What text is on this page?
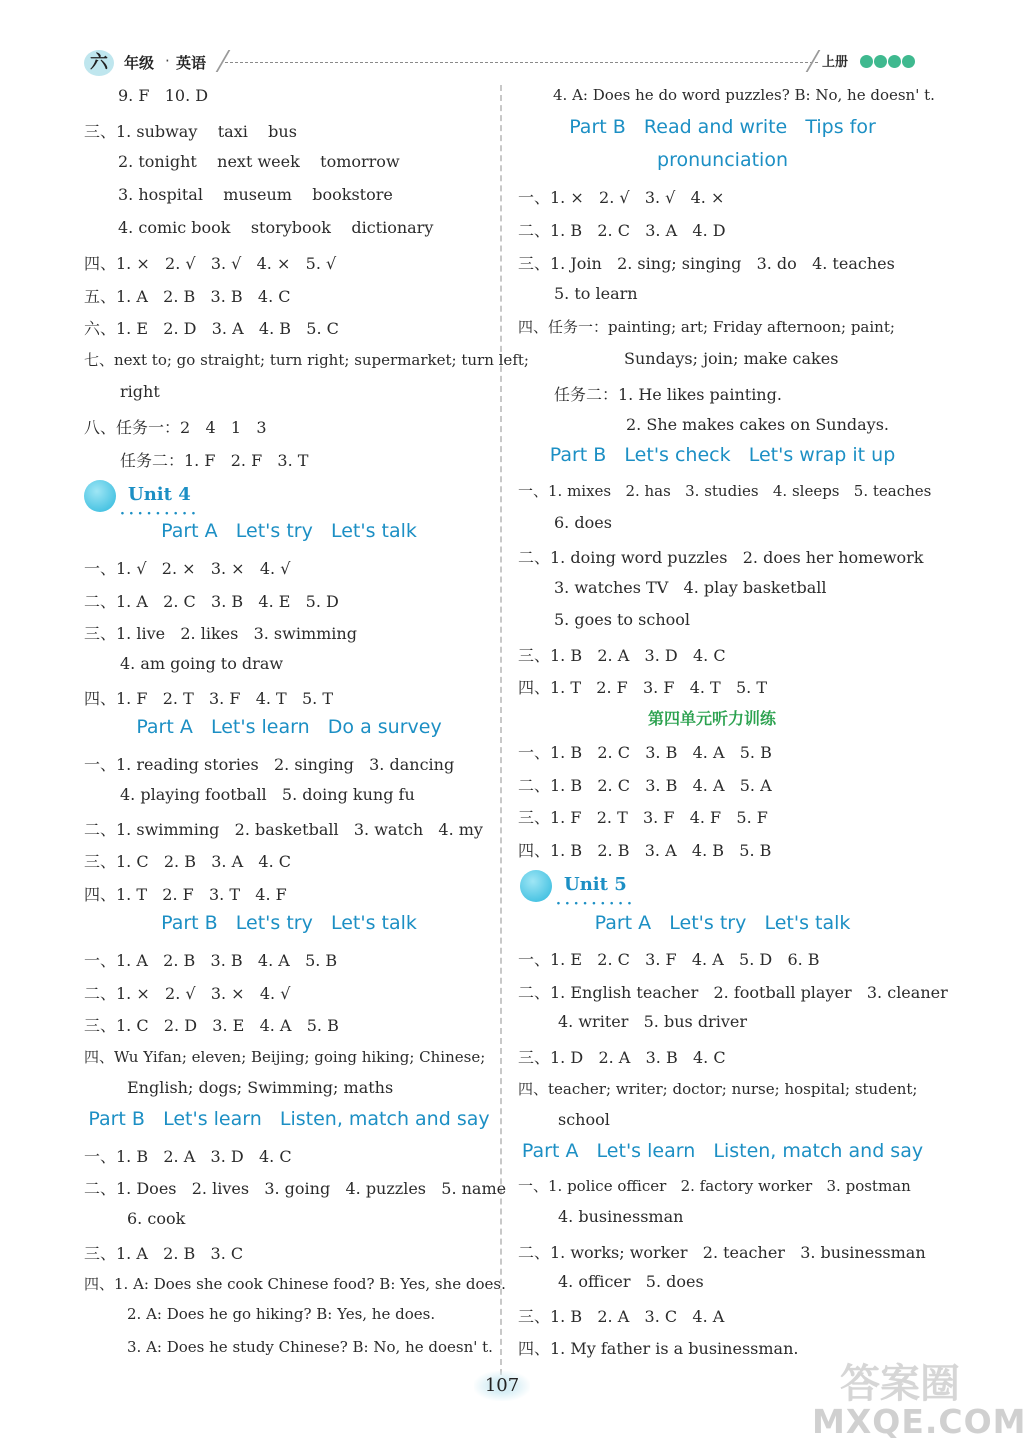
六	年级 · 英语	上册
9. F   10. D
三、1. subway    taxi    bus
2. tonight    next week    tomorrow
3. hospital    museum    bookstore
4. comic book    storybook    dictionary
四、1. ×   2. √   3. √   4. ×   5. √
五、1. A   2. B   3. B   4. C
六、1. E   2. D   3. A   4. B   5. C
七、next to; go straight; turn right; supermarket; turn left;
right
八、任务一：2   4   1   3
任务二：1. F   2. F   3. T
Unit 4
·········
Part A   Let's try   Let's talk
一、1. √   2. ×   3. ×   4. √
二、1. A   2. C   3. B   4. E   5. D
三、1. live   2. likes   3. swimming
4. am going to draw
四、1. F   2. T   3. F   4. T   5. T
Part A   Let's learn   Do a survey
一、1. reading stories   2. singing   3. dancing
4. playing football   5. doing kung fu
二、1. swimming   2. basketball   3. watch   4. my
三、1. C   2. B   3. A   4. C
四、1. T   2. F   3. T   4. F
Part B   Let's try   Let's talk
一、1. A   2. B   3. B   4. A   5. B
二、1. ×   2. √   3. ×   4. √
三、1. C   2. D   3. E   4. A   5. B
四、Wu Yifan; eleven; Beijing; going hiking; Chinese;
English; dogs; Swimming; maths
Part B   Let's learn   Listen, match and say
一、1. B   2. A   3. D   4. C
二、1. Does   2. lives   3. going   4. puzzles   5. name
6. cook
三、1. A   2. B   3. C
四、1. A: Does she cook Chinese food? B: Yes, she does.
2. A: Does he go hiking? B: Yes, he does.
3. A: Does he study Chinese? B: No, he doesn' t.
4. A: Does he do word puzzles? B: No, he doesn' t.
Part B   Read and write   Tips for
pronunciation
一、1. ×   2. √   3. √   4. ×
二、1. B   2. C   3. A   4. D
三、1. Join   2. sing; singing   3. do   4. teaches
5. to learn
四、任务一：painting; art; Friday afternoon; paint;
Sundays; join; make cakes
任务二：1. He likes painting.
2. She makes cakes on Sundays.
Part B   Let's check   Let's wrap it up
一、1. mixes   2. has   3. studies   4. sleeps   5. teaches
6. does
二、1. doing word puzzles   2. does her homework
3. watches TV   4. play basketball
5. goes to school
三、1. B   2. A   3. D   4. C
四、1. T   2. F   3. F   4. T   5. T
第四单元听力训练
一、1. B   2. C   3. B   4. A   5. B
二、1. B   2. C   3. B   4. A   5. A
三、1. F   2. T   3. F   4. F   5. F
四、1. B   2. B   3. A   4. B   5. B
Unit 5
·········
Part A   Let's try   Let's talk
一、1. E   2. C   3. F   4. A   5. D   6. B
二、1. English teacher   2. football player   3. cleaner
4. writer   5. bus driver
三、1. D   2. A   3. B   4. C
四、teacher; writer; doctor; nurse; hospital; student;
school
Part A   Let's learn   Listen, match and say
一、1. police officer   2. factory worker   3. postman
4. businessman
二、1. works; worker   2. teacher   3. businessman
4. officer   5. does
三、1. B   2. A   3. C   4. A
四、1. My father is a businessman.
107	答案圈
MXQE.COM
